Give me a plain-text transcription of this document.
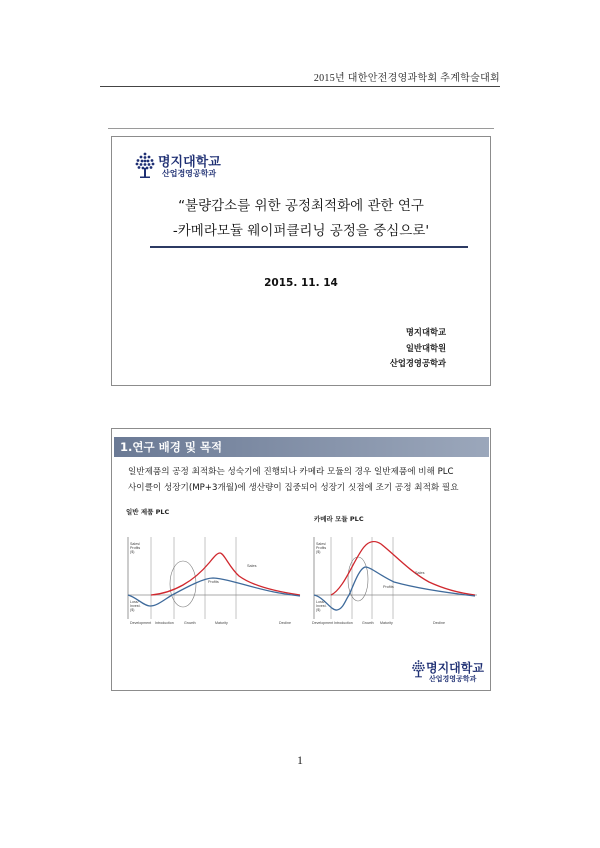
2015년 대한안전경영과학회 추계학술대회
명지대학교
산업경영공학과
“불량감소를 위한 공정최적화에 관한 연구
-카메라모듈 웨이퍼클리닝 공정을 중심으로'
2015. 11. 14
명지대학교
일반대학원
산업경영공학과
1.연구 배경 및 목적
일반제품의 공정 최적화는 성숙기에 진행되나 카메라 모듈의 경우 일반제품에 비해 PLC
사이클이 성장기(MP+3개월)에 생산량이 집중되어 성장기 싯점에 조기 공정 최적화 필요
일반 제품 PLC
카메라 모듈 PLC
Sales
Profits
Sales/
Profits
($)
Loss/
Invest.
($)
Development Introduction	Growth	Maturity	Decline
Sales
Profits
Sales/
Profits
($)
Loss/
Invest.
($)
Development Introduction	Growth Maturity	Decline
명지대학교
산업경영공학과
1
